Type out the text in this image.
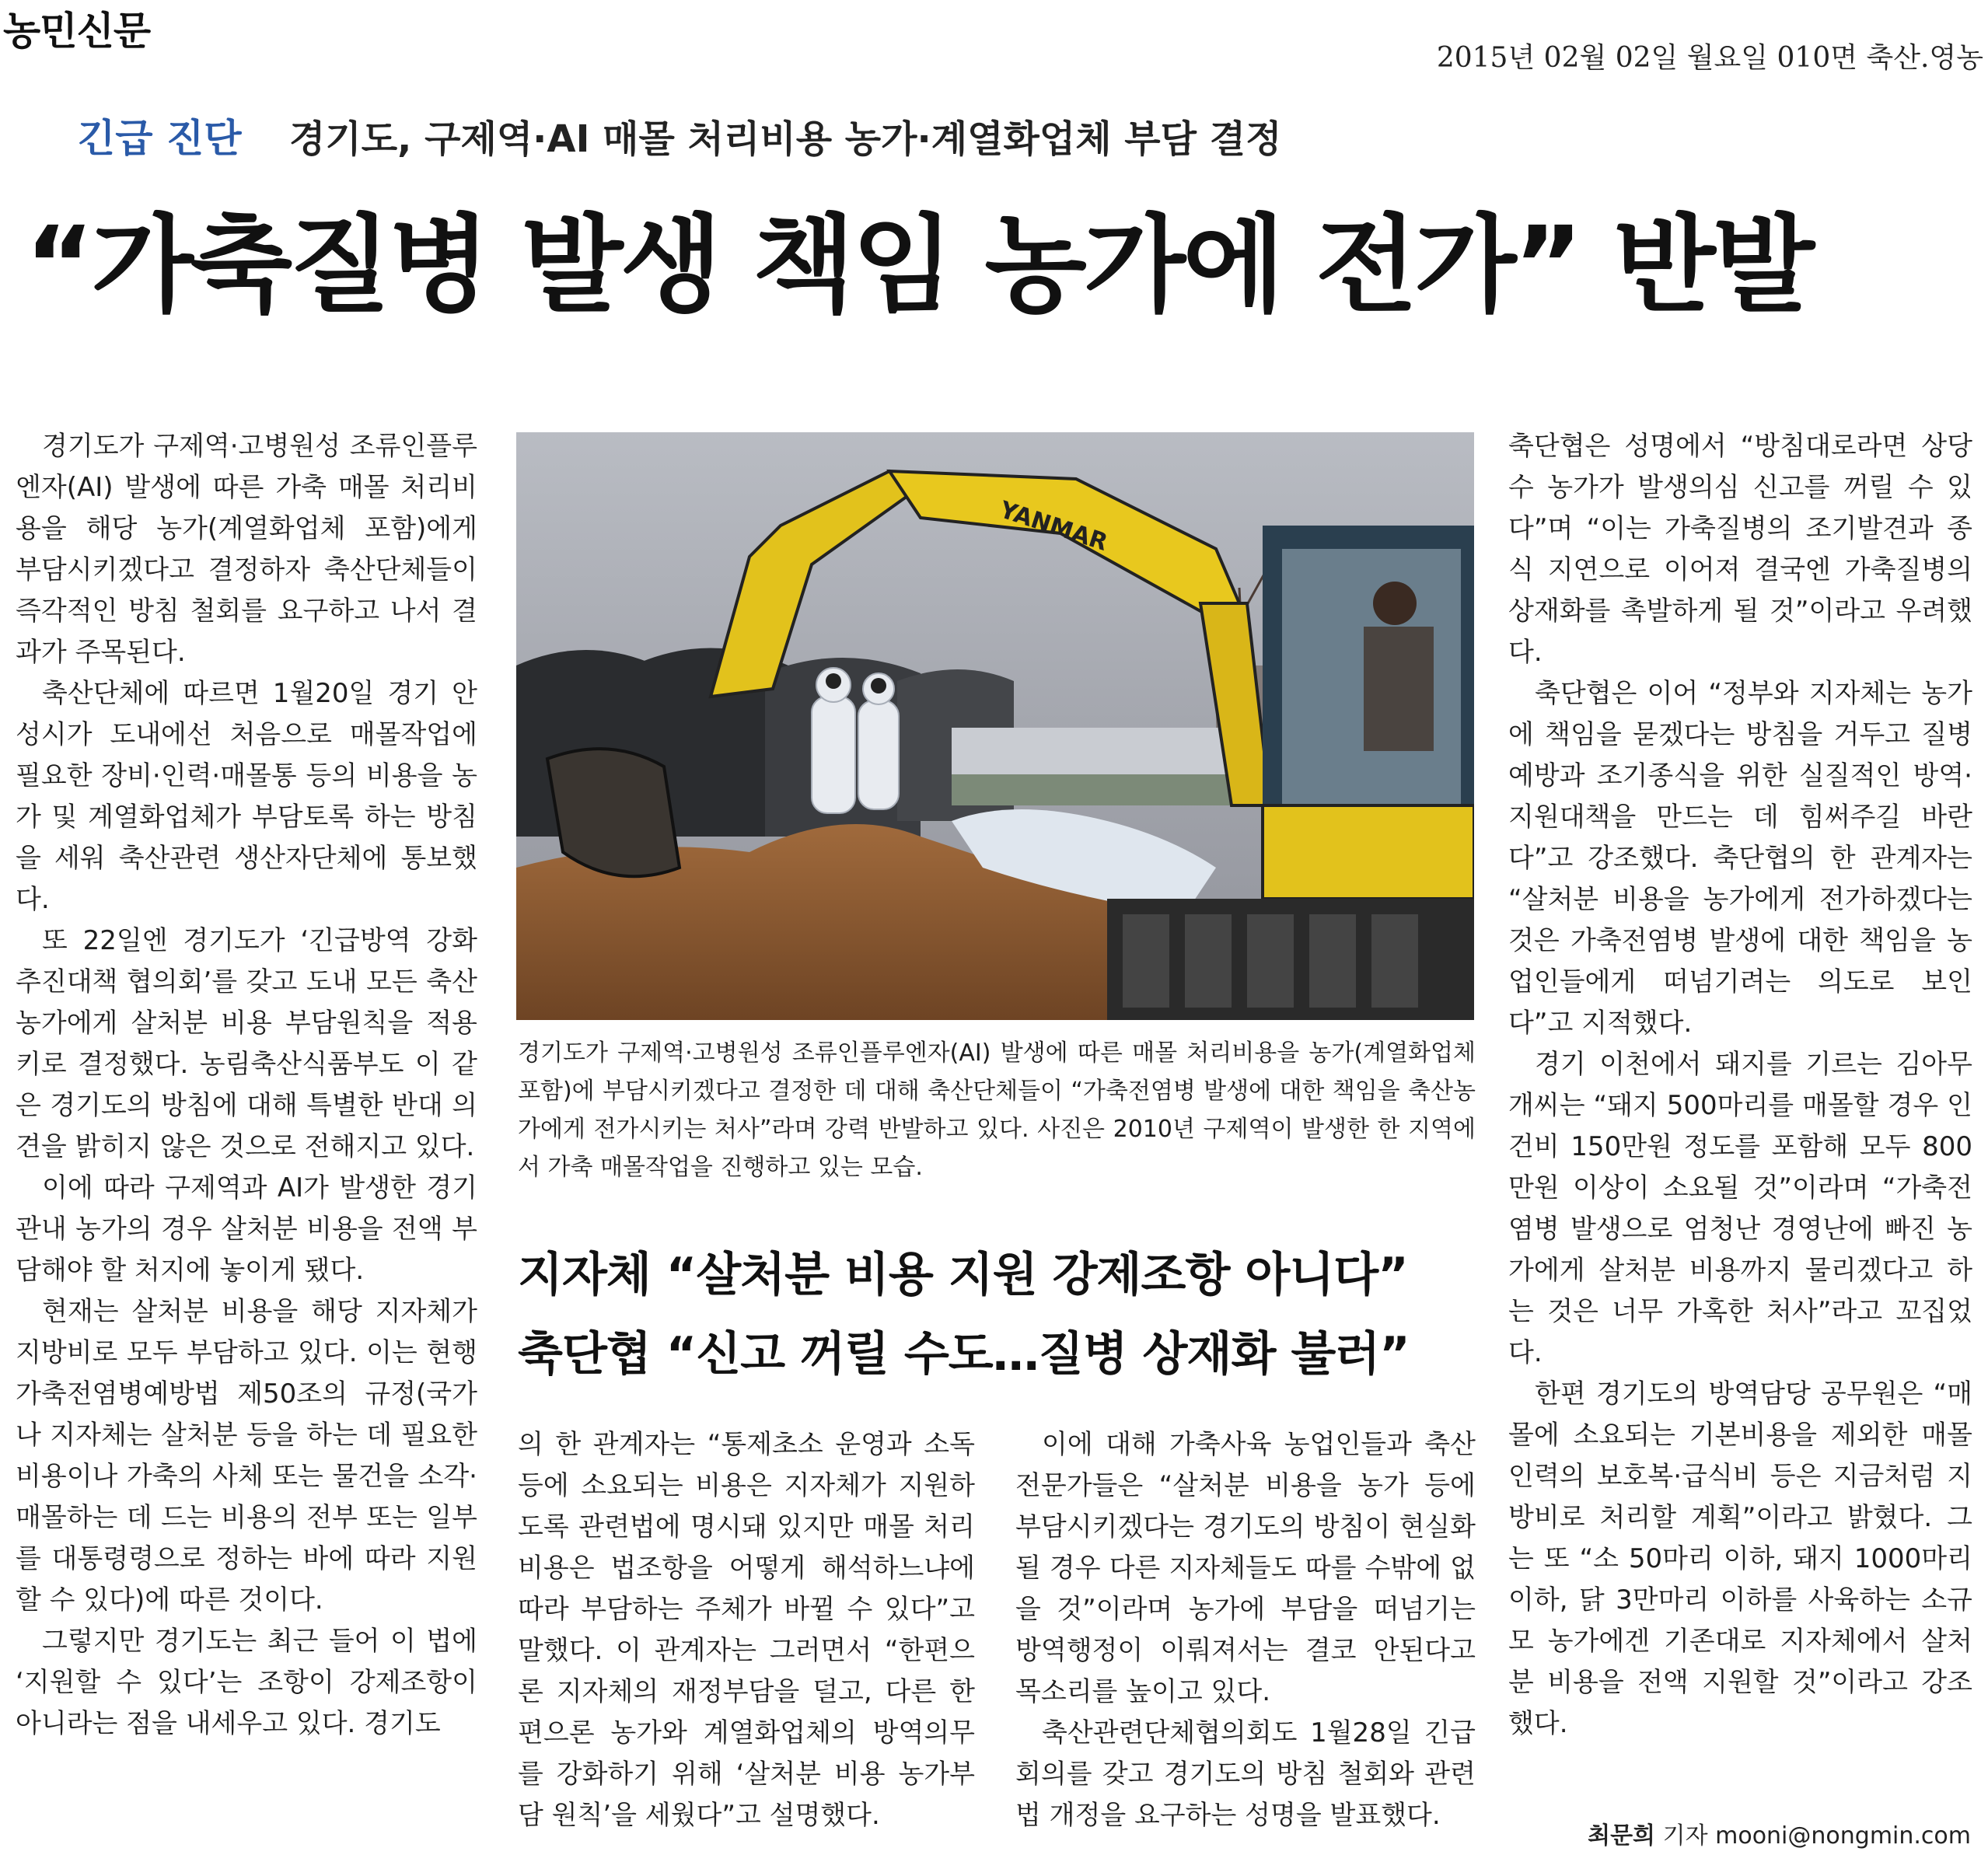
농민신문
2015년 02월 02일 월요일 010면 축산.영농
긴급 진단 경기도, 구제역·AI 매몰 처리비용 농가·계열화업체 부담 결정
“가축질병 발생 책임 농가에 전가” 반발

경기도가 구제역·고병원성 조류인플루엔자(AI) 발생에 따른 가축 매몰 처리비용을 해당 농가(계열화업체 포함)에게 부담시키겠다고 결정하자 축산단체들이 즉각적인 방침 철회를 요구하고 나서 결과가 주목된다.

축산단체에 따르면 1월20일 경기 안성시가 도내에선 처음으로 매몰작업에 필요한 장비·인력·매몰통 등의 비용을 농가 및 계열화업체가 부담토록 하는 방침을 세워 축산관련 생산자단체에 통보했다.

또 22일엔 경기도가 ‘긴급방역 강화 추진대책 협의회’를 갖고 도내 모든 축산농가에게 살처분 비용 부담원칙을 적용키로 결정했다. 농림축산식품부도 이 같은 경기도의 방침에 대해 특별한 반대 의견을 밝히지 않은 것으로 전해지고 있다.

이에 따라 구제역과 AI가 발생한 경기 관내 농가의 경우 살처분 비용을 전액 부담해야 할 처지에 놓이게 됐다.

현재는 살처분 비용을 해당 지자체가 지방비로 모두 부담하고 있다. 이는 현행 가축전염병예방법 제50조의 규정(국가나 지자체는 살처분 등을 하는 데 필요한 비용이나 가축의 사체 또는 물건을 소각·매몰하는 데 드는 비용의 전부 또는 일부를 대통령령으로 정하는 바에 따라 지원할 수 있다)에 따른 것이다.

그렇지만 경기도는 최근 들어 이 법에 ‘지원할 수 있다’는 조항이 강제조항이 아니라는 점을 내세우고 있다. 경기도

YANMAR
경기도가 구제역·고병원성 조류인플루엔자(AI) 발생에 따른 매몰 처리비용을 농가(계열화업체 포함)에 부담시키겠다고 결정한 데 대해 축산단체들이 “가축전염병 발생에 대한 책임을 축산농가에게 전가시키는 처사”라며 강력 반발하고 있다. 사진은 2010년 구제역이 발생한 한 지역에서 가축 매몰작업을 진행하고 있는 모습.
지자체 “살처분 비용 지원 강제조항 아니다”
축단협 “신고 꺼릴 수도…질병 상재화 불러”

의 한 관계자는 “통제초소 운영과 소독 등에 소요되는 비용은 지자체가 지원하도록 관련법에 명시돼 있지만 매몰 처리비용은 법조항을 어떻게 해석하느냐에 따라 부담하는 주체가 바뀔 수 있다”고 말했다. 이 관계자는 그러면서 “한편으론 지자체의 재정부담을 덜고, 다른 한편으론 농가와 계열화업체의 방역의무를 강화하기 위해 ‘살처분 비용 농가부담 원칙’을 세웠다”고 설명했다.

이에 대해 가축사육 농업인들과 축산 전문가들은 “살처분 비용을 농가 등에 부담시키겠다는 경기도의 방침이 현실화될 경우 다른 지자체들도 따를 수밖에 없을 것”이라며 농가에 부담을 떠넘기는 방역행정이 이뤄져서는 결코 안된다고 목소리를 높이고 있다.

축산관련단체협의회도 1월28일 긴급회의를 갖고 경기도의 방침 철회와 관련법 개정을 요구하는 성명을 발표했다.

축단협은 성명에서 “방침대로라면 상당수 농가가 발생의심 신고를 꺼릴 수 있다”며 “이는 가축질병의 조기발견과 종식 지연으로 이어져 결국엔 가축질병의 상재화를 촉발하게 될 것”이라고 우려했다.

축단협은 이어 “정부와 지자체는 농가에 책임을 묻겠다는 방침을 거두고 질병 예방과 조기종식을 위한 실질적인 방역·지원대책을 만드는 데 힘써주길 바란다”고 강조했다. 축단협의 한 관계자는 “살처분 비용을 농가에게 전가하겠다는 것은 가축전염병 발생에 대한 책임을 농업인들에게 떠넘기려는 의도로 보인다”고 지적했다.

경기 이천에서 돼지를 기르는 김아무개씨는 “돼지 500마리를 매몰할 경우 인건비 150만원 정도를 포함해 모두 800만원 이상이 소요될 것”이라며 “가축전염병 발생으로 엄청난 경영난에 빠진 농가에게 살처분 비용까지 물리겠다고 하는 것은 너무 가혹한 처사”라고 꼬집었다.

한편 경기도의 방역담당 공무원은 “매몰에 소요되는 기본비용을 제외한 매몰인력의 보호복·급식비 등은 지금처럼 지방비로 처리할 계획”이라고 밝혔다. 그는 또 “소 50마리 이하, 돼지 1000마리 이하, 닭 3만마리 이하를 사육하는 소규모 농가에겐 기존대로 지자체에서 살처분 비용을 전액 지원할 것”이라고 강조했다.

최문희 기자 mooni@nongmin.com
